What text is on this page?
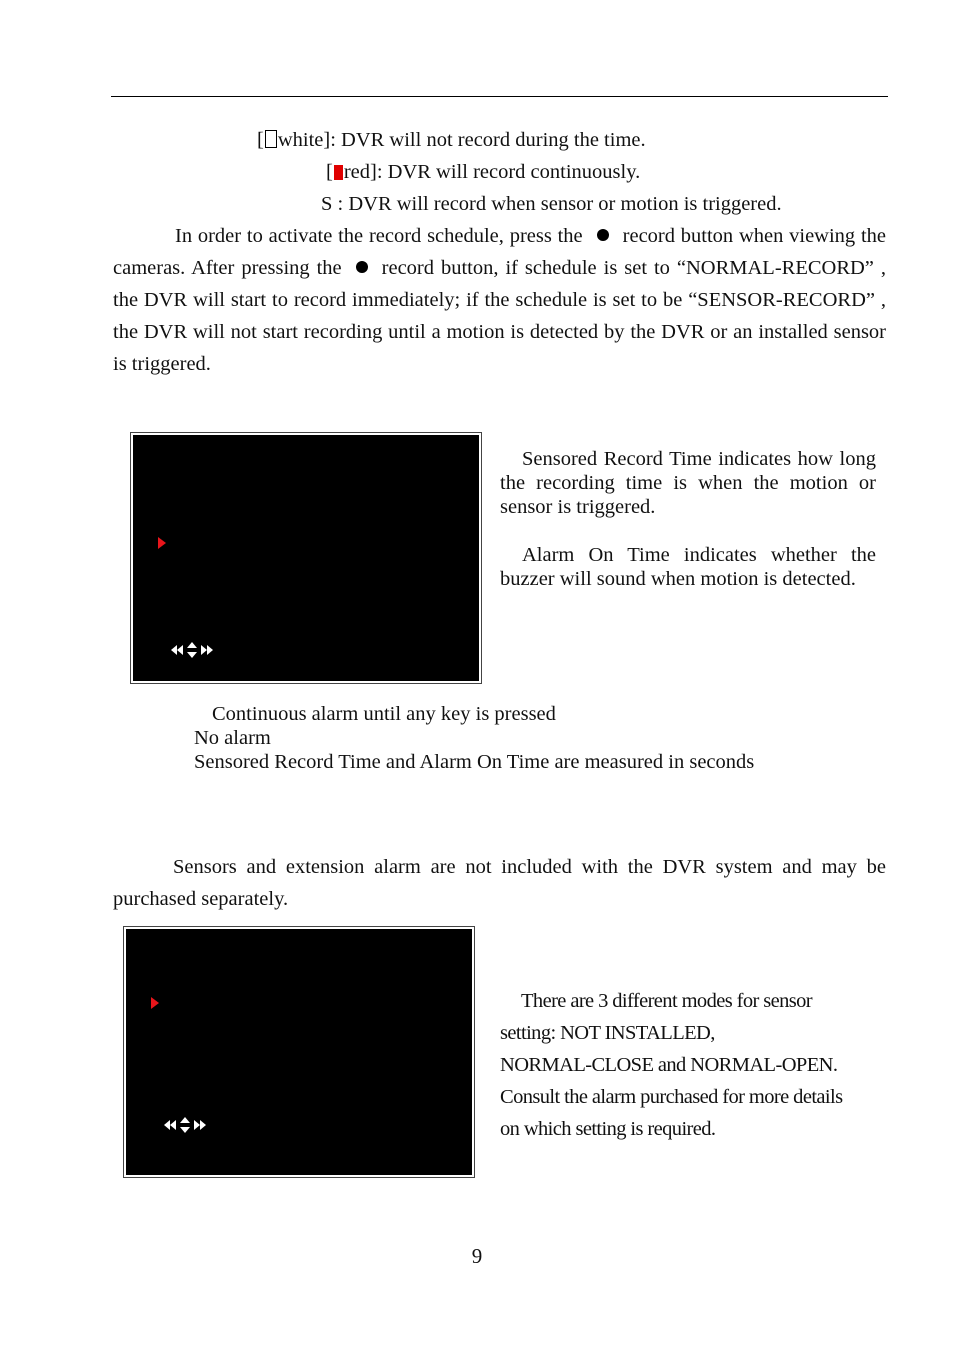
[ white]: DVR will not record during the time.
[ red]: DVR will record continuously.
S : DVR will record when sensor or motion is triggered.
In order to activate the record schedule, press the record button when viewing the cameras. After pressing the record button, if schedule is set to “NORMAL-RECORD” , the DVR will start to record immediately; if the schedule is set to be “SENSOR-RECORD” , the DVR will not start recording until a motion is detected by the DVR or an installed sensor is triggered.

Sensored Record Time indicates how long the recording time is when the motion or sensor is triggered.

Alarm On Time indicates whether the buzzer will sound when motion is detected.

Continuous alarm until any key is pressed
No alarm
Sensored Record Time and Alarm On Time are measured in seconds
Sensors and extension alarm are not included with the DVR system and may be purchased separately.
There are 3 different modes for sensor
setting: NOT INSTALLED,
NORMAL-CLOSE and NORMAL-OPEN.
Consult the alarm purchased for more details
on which setting is required.
9
